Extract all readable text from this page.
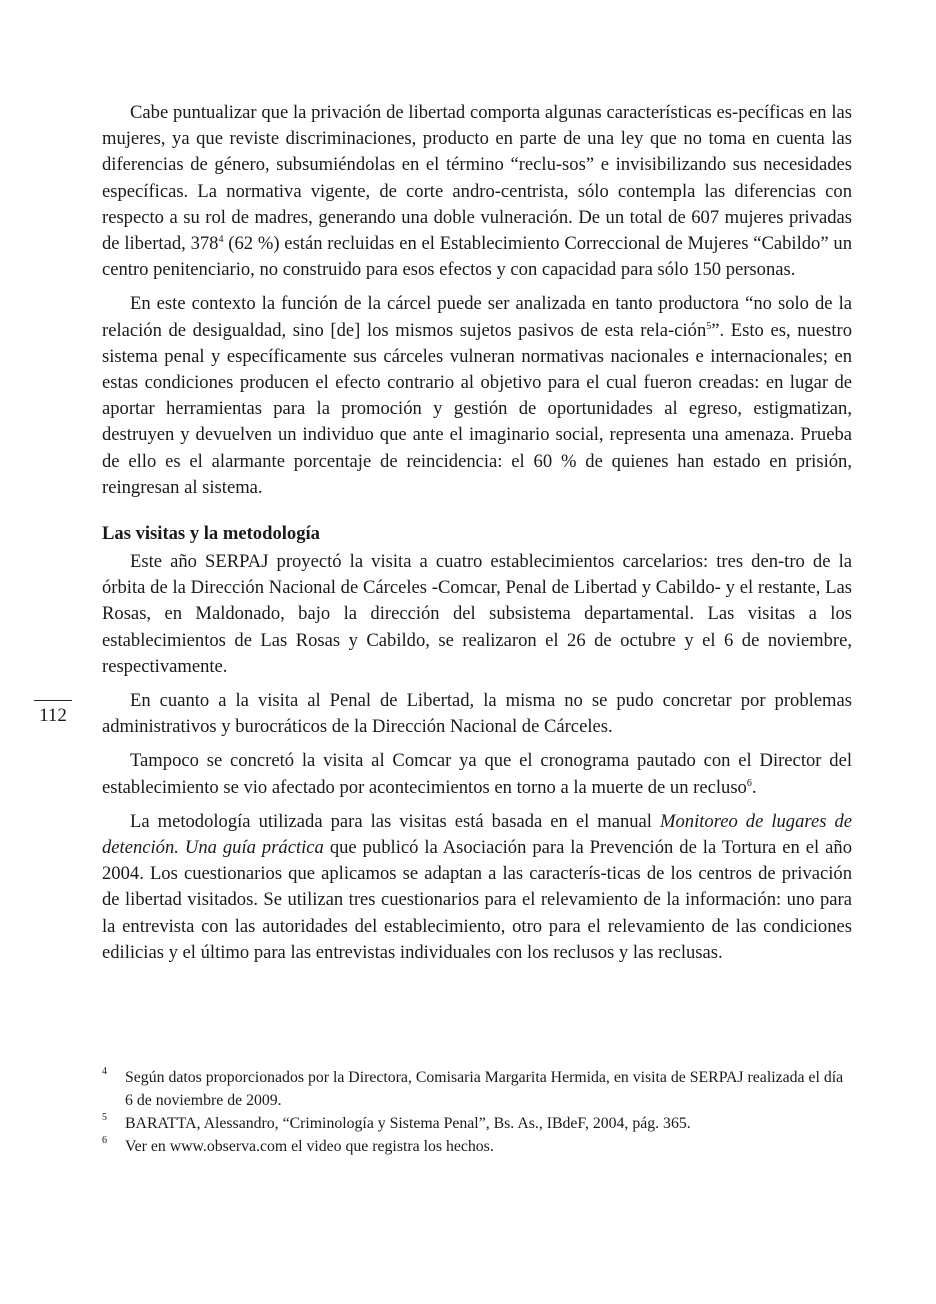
Cabe puntualizar que la privación de libertad comporta algunas características es-pecíficas en las mujeres, ya que reviste discriminaciones, producto en parte de una ley que no toma en cuenta las diferencias de género, subsumiéndolas en el término “reclu-sos” e invisibilizando sus necesidades específicas. La normativa vigente, de corte andro-centrista, sólo contempla las diferencias con respecto a su rol de madres, generando una doble vulneración. De un total de 607 mujeres privadas de libertad, $378^4$ (62 %) están recluidas en el Establecimiento Correccional de Mujeres “Cabildo” un centro penitenciario, no construido para esos efectos y con capacidad para sólo 150 personas.

En este contexto la función de la cárcel puede ser analizada en tanto productora “no solo de la relación de desigualdad, sino [de] los mismos sujetos pasivos de esta rela-ción$^5$”. Esto es, nuestro sistema penal y específicamente sus cárceles vulneran normativas nacionales e internacionales; en estas condiciones producen el efecto contrario al objetivo para el cual fueron creadas: en lugar de aportar herramientas para la promoción y gestión de oportunidades al egreso, estigmatizan, destruyen y devuelven un individuo que ante el imaginario social, representa una amenaza. Prueba de ello es el alarmante porcentaje de reincidencia: el 60 % de quienes han estado en prisión, reingresan al sistema.

Las visitas y la metodología

Este año SERPAJ proyectó la visita a cuatro establecimientos carcelarios: tres den-tro de la órbita de la Dirección Nacional de Cárceles -Comcar, Penal de Libertad y Cabildo- y el restante, Las Rosas, en Maldonado, bajo la dirección del subsistema departamental. Las visitas a los establecimientos de Las Rosas y Cabildo, se realizaron el 26 de octubre y el 6 de noviembre, respectivamente.

En cuanto a la visita al Penal de Libertad, la misma no se pudo concretar por problemas administrativos y burocráticos de la Dirección Nacional de Cárceles.

Tampoco se concretó la visita al Comcar ya que el cronograma pautado con el Director del establecimiento se vio afectado por acontecimientos en torno a la muerte de un recluso$^6$.

La metodología utilizada para las visitas está basada en el manual Monitoreo de lugares de detención. Una guía práctica que publicó la Asociación para la Prevención de la Tortura en el año 2004. Los cuestionarios que aplicamos se adaptan a las caracterís-ticas de los centros de privación de libertad visitados. Se utilizan tres cuestionarios para el relevamiento de la información: uno para la entrevista con las autoridades del establecimiento, otro para el relevamiento de las condiciones edilicias y el último para las entrevistas individuales con los reclusos y las reclusas.

112
4 Según datos proporcionados por la Directora, Comisaria Margarita Hermida, en visita de SERPAJ realizada el día 6 de noviembre de 2009.
5 BARATTA, Alessandro, “Criminología y Sistema Penal”, Bs. As., IBdeF, 2004, pág. 365.
6 Ver en www.observa.com el video que registra los hechos.
